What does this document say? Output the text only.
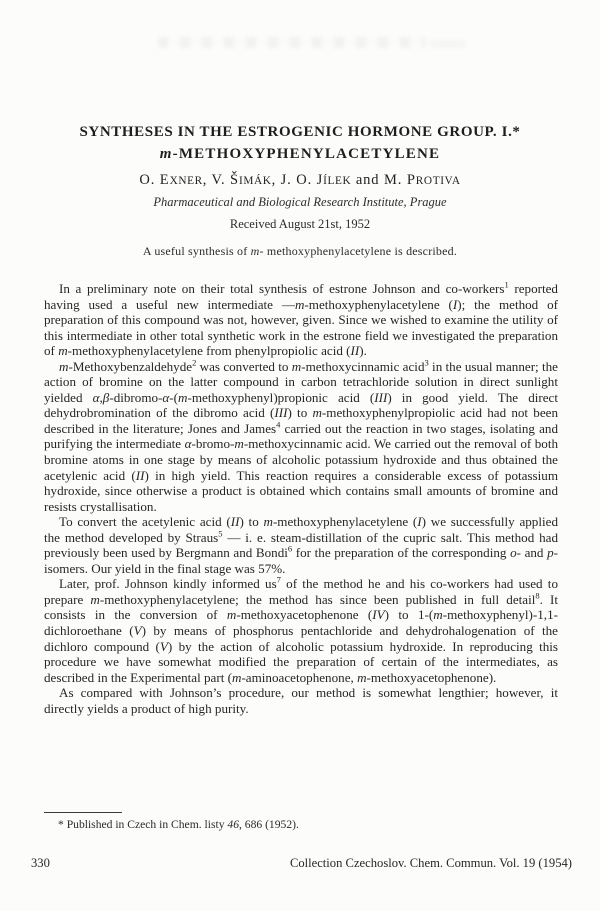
SYNTHESES IN THE ESTROGENIC HORMONE GROUP. I.*
m-METHOXYPHENYLACETYLENE
O. EXNER, V. ŠIMÁK, J. O. JÍLEK and M. PROTIVA
Pharmaceutical and Biological Research Institute, Prague
Received August 21st, 1952
A useful synthesis of m- methoxyphenylacetylene is described.

In a preliminary note on their total synthesis of estrone Johnson and co-workers$^1$ reported having used a useful new intermediate —m-methoxyphenylacetylene (I); the method of preparation of this compound was not, however, given. Since we wished to examine the utility of this intermediate in other total synthetic work in the estrone field we investigated the preparation of m-methoxyphenylacetylene from phenylpropiolic acid (II).

m-Methoxybenzaldehyde$^2$ was converted to m-methoxycinnamic acid$^3$ in the usual manner; the action of bromine on the latter compound in carbon tetrachloride solution in direct sunlight yielded α,β-dibromo-α-(m-methoxyphenyl)propionic acid (III) in good yield. The direct dehydrobromination of the dibromo acid (III) to m-methoxyphenylpropiolic acid had not been described in the literature; Jones and James$^4$ carried out the reaction in two stages, isolating and purifying the intermediate α-bromo-m-methoxycinnamic acid. We carried out the removal of both bromine atoms in one stage by means of alcoholic potassium hydroxide and thus obtained the acetylenic acid (II) in high yield. This reaction requires a considerable excess of potassium hydroxide, since otherwise a product is obtained which contains small amounts of bromine and resists crystallisation.

To convert the acetylenic acid (II) to m-methoxyphenylacetylene (I) we successfully applied the method developed by Straus$^5$ — i. e. steam-distillation of the cupric salt. This method had previously been used by Bergmann and Bondi$^6$ for the preparation of the corresponding o- and p-isomers. Our yield in the final stage was 57%.

Later, prof. Johnson kindly informed $us^7$ of the method he and his co-workers had used to prepare m-methoxyphenylacetylene; the method has since been published in full detail$^8$. It consists in the conversion of m-methoxyacetophenone (IV) to 1-(m-methoxyphenyl)-1,1-dichloroethane (V) by means of phosphorus pentachloride and dehydrohalogenation of the dichloro compound (V) by the action of alcoholic potassium hydroxide. In reproducing this procedure we have somewhat modified the preparation of certain of the intermediates, as described in the Experimental part (m-aminoacetophenone, m-methoxyacetophenone).

As compared with Johnson’s procedure, our method is somewhat lengthier; however, it directly yields a product of high purity.

* Published in Czech in Chem. listy 46, 686 (1952).
330	Collection Czechoslov. Chem. Commun. Vol. 19 (1954)
